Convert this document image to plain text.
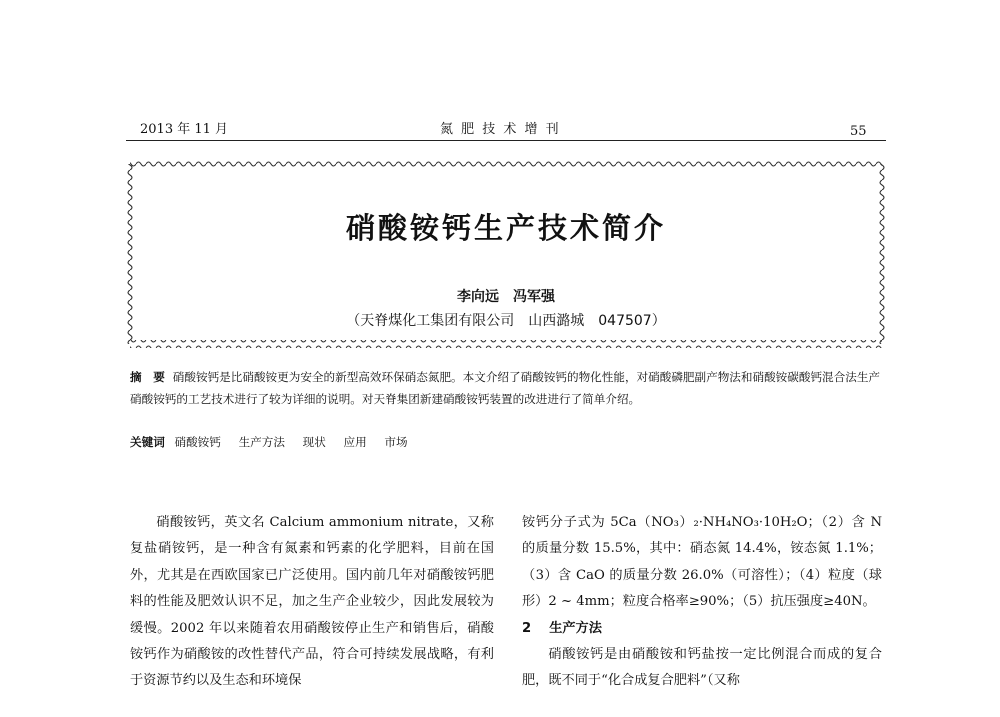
2013 年 11 月	氮 肥 技 术 增 刊	55
硝酸铵钙生产技术简介
李向远　冯军强
（天脊煤化工集团有限公司　山西潞城　047507）
摘　要 硝酸铵钙是比硝酸铵更为安全的新型高效环保硝态氮肥。本文介绍了硝酸铵钙的物化性能，对硝酸磷肥副产物法和硝酸铵碳酸钙混合法生产硝酸铵钙的工艺技术进行了较为详细的说明。对天脊集团新建硝酸铵钙装置的改进进行了简单介绍。
关键词 硝酸铵钙 生产方法 现状 应用 市场

硝酸铵钙，英文名 Calcium ammonium nitrate，又称复盐硝铵钙，是一种含有氮素和钙素的化学肥料，目前在国外，尤其是在西欧国家已广泛使用。国内前几年对硝酸铵钙肥料的性能及肥效认识不足，加之生产企业较少，因此发展较为缓慢。2002 年以来随着农用硝酸铵停止生产和销售后，硝酸铵钙作为硝酸铵的改性替代产品，符合可持续发展战略，有利于资源节约以及生态和环境保

铵钙分子式为 5Ca（NO₃）₂·NH₄NO₃·10H₂O；（2）含 N 的质量分数 15.5%，其中：硝态氮 14.4%，铵态氮 1.1%；（3）含 CaO 的质量分数 26.0%（可溶性）；（4）粒度（球形）2 ~ 4mm；粒度合格率≥90%；（5）抗压强度≥40N。

2 生产方法

硝酸铵钙是由硝酸铵和钙盐按一定比例混合而成的复合肥，既不同于“化合成复合肥料”（又称
